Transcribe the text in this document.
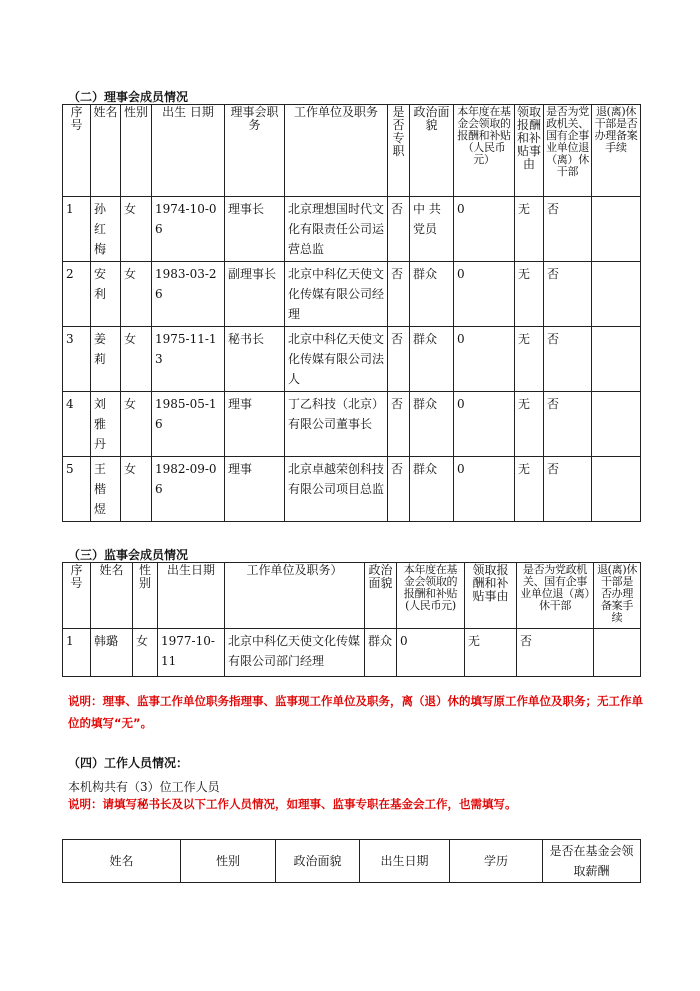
（二）理事会成员情况
序号	姓名	性别	出生 日期	理事会职务	工作单位及职务	是否专职	政治面貌	本年度在基金会领取的报酬和补贴（人民币元）	领取报酬和补贴事由	是否为党政机关、国有企事业单位退（离）休干部	退(离)休干部是否办理备案手续
1	孙红梅	女	1974-10-06	理事长	北京理想国时代文化有限责任公司运营总监	否	中 共党员	0	无	否	
2	安利	女	1983-03-26	副理事长	北京中科亿天使文化传媒有限公司经理	否	群众	0	无	否	
3	姜莉	女	1975-11-13	秘书长	北京中科亿天使文化传媒有限公司法人	否	群众	0	无	否	
4	刘雅丹	女	1985-05-16	理事	丁乙科技（北京）有限公司董事长	否	群众	0	无	否	
5	王楷煜	女	1982-09-06	理事	北京卓越荣创科技有限公司项目总监	否	群众	0	无	否	
（三）监事会成员情况
序号	姓名	性别	出生日期	工作单位及职务）	政治面貌	本年度在基金会领取的报酬和补贴(人民币元)	领取报酬和补贴事由	是否为党政机关、国有企事业单位退（离）休干部	退(离)休干部是否办理备案手续
1	韩璐	女	1977-10-11	北京中科亿天使文化传媒有限公司部门经理	群众	0	无	否	
说明：理事、监事工作单位职务指理事、监事现工作单位及职务，离（退）休的填写原工作单位及职务；无工作单位的填写“无”。
（四）工作人员情况：
本机构共有（3）位工作人员
说明：请填写秘书长及以下工作人员情况，如理事、监事专职在基金会工作，也需填写。
姓名	性别	政治面貌	出生日期	学历	是否在基金会领取薪酬
